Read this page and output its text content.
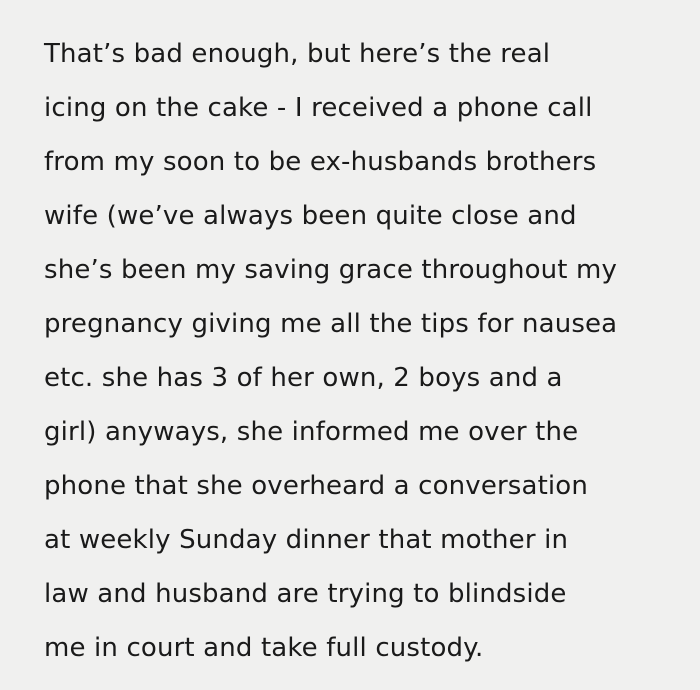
That’s bad enough, but here’s the real
icing on the cake - I received a phone call
from my soon to be ex-husbands brothers
wife (we’ve always been quite close and
she’s been my saving grace throughout my
pregnancy giving me all the tips for nausea
etc. she has 3 of her own, 2 boys and a
girl) anyways, she informed me over the
phone that she overheard a conversation
at weekly Sunday dinner that mother in
law and husband are trying to blindside
me in court and take full custody.
